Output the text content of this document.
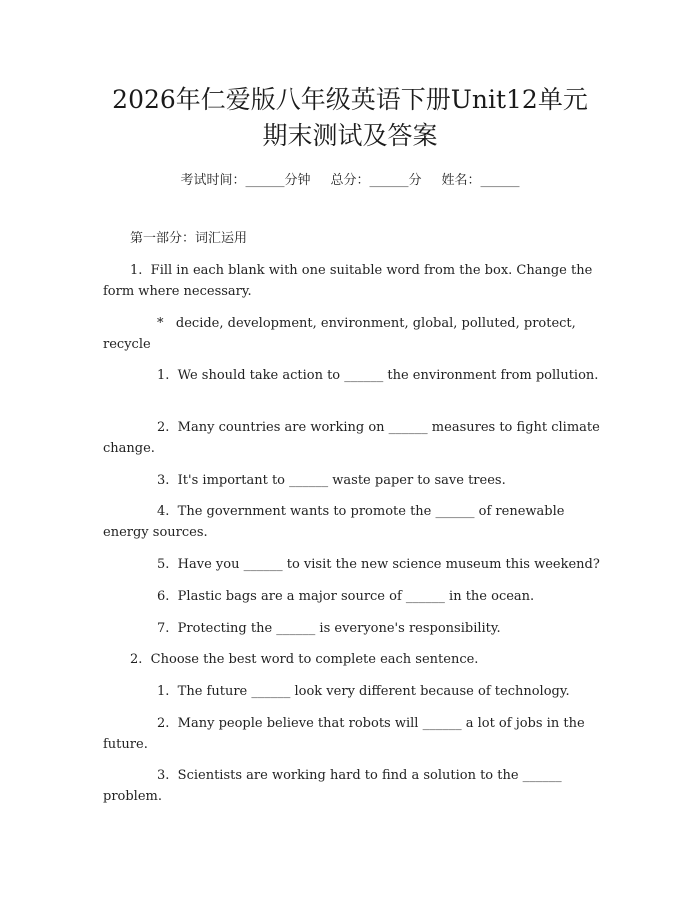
2026年仁爱版八年级英语下册Unit12单元
期末测试及答案
考试时间：______分钟 总分：______分 姓名：______

第一部分：词汇运用

1.  Fill in each blank with one suitable word from the box. Change the form where necessary.

*   decide, development, environment, global, polluted, protect, recycle

1.  We should take action to ______ the environment from pollution.

2.  Many countries are working on ______ measures to fight climate change.

3.  It's important to ______ waste paper to save trees.

4.  The government wants to promote the ______ of renewable energy sources.

5.  Have you ______ to visit the new science museum this weekend?

6.  Plastic bags are a major source of ______ in the ocean.

7.  Protecting the ______ is everyone's responsibility.

2.  Choose the best word to complete each sentence.

1.  The future ______ look very different because of technology.

2.  Many people believe that robots will ______ a lot of jobs in the future.

3.  Scientists are working hard to find a solution to the ______ problem.
